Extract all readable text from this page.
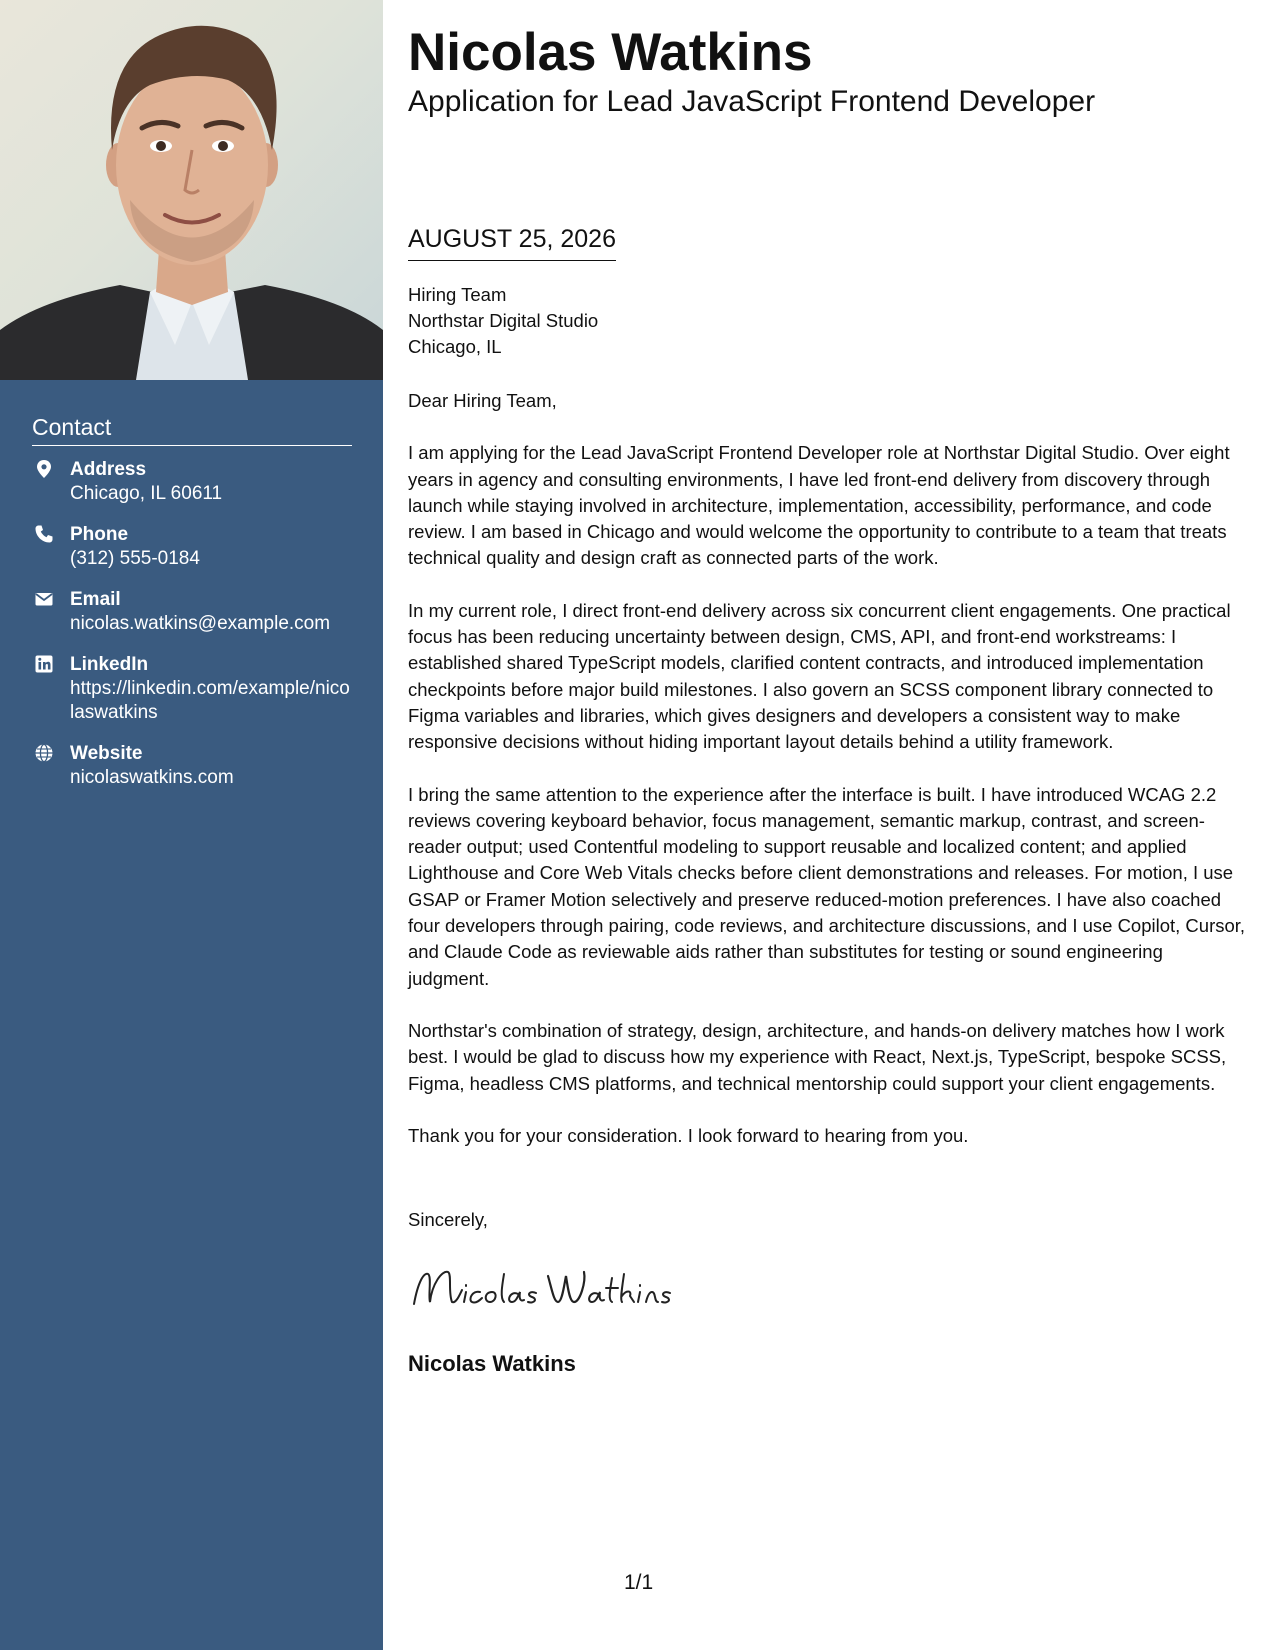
Contact
Address
Chicago, IL 60611
Phone
(312) 555-0184
Email
nicolas.watkins@example.com
LinkedIn
https://linkedin.com/example/nicolaswatkins
Website
nicolaswatkins.com
Nicolas Watkins
Application for Lead JavaScript Frontend Developer
AUGUST 25, 2026
Hiring Team
Northstar Digital Studio
Chicago, IL
Dear Hiring Team,

I am applying for the Lead JavaScript Frontend Developer role at Northstar Digital Studio. Over eight years in agency and consulting environments, I have led front-end delivery from discovery through launch while staying involved in architecture, implementation, accessibility, performance, and code review. I am based in Chicago and would welcome the opportunity to contribute to a team that treats technical quality and design craft as connected parts of the work.

In my current role, I direct front-end delivery across six concurrent client engagements. One practical focus has been reducing uncertainty between design, CMS, API, and front-end workstreams: I established shared TypeScript models, clarified content contracts, and introduced implementation checkpoints before major build milestones. I also govern an SCSS component library connected to Figma variables and libraries, which gives designers and developers a consistent way to make responsive decisions without hiding important layout details behind a utility framework.

I bring the same attention to the experience after the interface is built. I have introduced WCAG 2.2 reviews covering keyboard behavior, focus management, semantic markup, contrast, and screen-reader output; used Contentful modeling to support reusable and localized content; and applied Lighthouse and Core Web Vitals checks before client demonstrations and releases. For motion, I use GSAP or Framer Motion selectively and preserve reduced-motion preferences. I have also coached four developers through pairing, code reviews, and architecture discussions, and I use Copilot, Cursor, and Claude Code as reviewable aids rather than substitutes for testing or sound engineering judgment.

Northstar's combination of strategy, design, architecture, and hands-on delivery matches how I work best. I would be glad to discuss how my experience with React, Next.js, TypeScript, bespoke SCSS, Figma, headless CMS platforms, and technical mentorship could support your client engagements.

Thank you for your consideration. I look forward to hearing from you.

Sincerely,
Nicolas Watkins
1/1
